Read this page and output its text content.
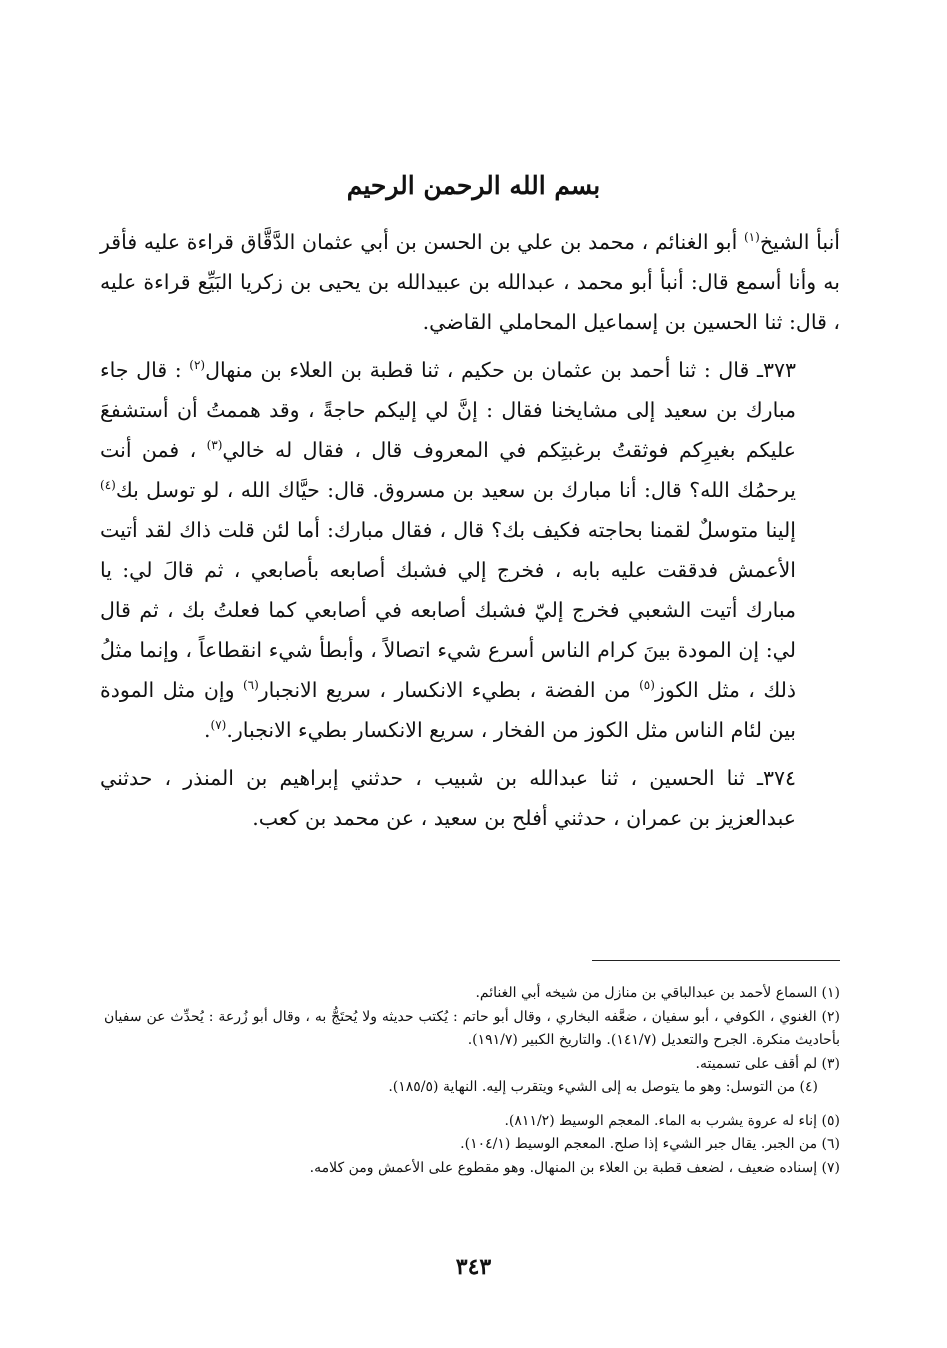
بسم الله الرحمن الرحيم

أنبأ الشيخ$^{(١)}$ أبو الغنائم ، محمد بن علي بن الحسن بن أبي عثمان الدَّقَّاق قراءة عليه فأقر به وأنا أسمع قال: أنبأ أبو محمد ، عبدالله بن عبيدالله بن يحيى بن زكريا البَيِّع قراءة عليه ، قال: ثنا الحسين بن إسماعيل المحاملي القاضي.

٣٧٣ـ قال : ثنا أحمد بن عثمان بن حكيم ، ثنا قطبة بن العلاء بن منهال$^{(٢)}$ : قال جاء مبارك بن سعيد إلى مشايخنا فقال : إنَّ لي إليكم حاجةً ، وقد هممتُ أن أستشفعَ عليكم بغيرِكم فوثقتُ برغبتِكم في المعروف قال ، فقال له خالي$^{(٣)}$ ، فمن أنت يرحمُك الله؟ قال: أنا مبارك بن سعيد بن مسروق. قال: حيَّاك الله ، لو توسل بك$^{(٤)}$ إلينا متوسلٌ لقمنا بحاجته فكيف بك؟ قال ، فقال مبارك: أما لئن قلت ذاك لقد أتيت الأعمش فدققت عليه بابه ، فخرج إلي فشبك أصابعه بأصابعي ، ثم قالَ لي: يا مبارك أتيت الشعبي فخرج إليّ فشبك أصابعه في أصابعي كما فعلتُ بك ، ثم قال لي: إن المودة بينَ كرام الناس أسرع شيء اتصالاً ، وأبطأ شيء انقطاعاً ، وإنما مثلُ ذلك ، مثل الكوز$^{(٥)}$ من الفضة ، بطيء الانكسار ، سريع الانجبار$^{(٦)}$ وإن مثل المودة بين لئام الناس مثل الكوز من الفخار ، سريع الانكسار بطيء الانجبار.$^{(٧)}$.

٣٧٤ـ ثنا الحسين ، ثنا عبدالله بن شبيب ، حدثني إبراهيم بن المنذر ، حدثني عبدالعزيز بن عمران ، حدثني أفلح بن سعيد ، عن محمد بن كعب.

(١) السماع لأحمد بن عبدالباقي بن منازل من شيخه أبي الغنائم.

(٢) الغنوي ، الكوفي ، أبو سفيان ، ضعَّفه البخاري ، وقال أبو حاتم : يُكتب حديثه ولا يُحتَجُّ به ، وقال أبو زُرعة : يُحدِّث عن سفيان بأحاديث منكرة. الجرح والتعديل (١٤١/٧). والتاريخ الكبير (١٩١/٧).

(٣) لم أقف على تسميته.

(٤) من التوسل: وهو ما يتوصل به إلى الشيء ويتقرب إليه. النهاية (١٨٥/٥).

(٥) إناء له عروة يشرب به الماء. المعجم الوسيط (٨١١/٢).

(٦) من الجبر. يقال جبر الشيء إذا صلح. المعجم الوسيط (١٠٤/١).

(٧) إسناده ضعيف ، لضعف قطبة بن العلاء بن المنهال. وهو مقطوع على الأعمش ومن كلامه.

٣٤٣
